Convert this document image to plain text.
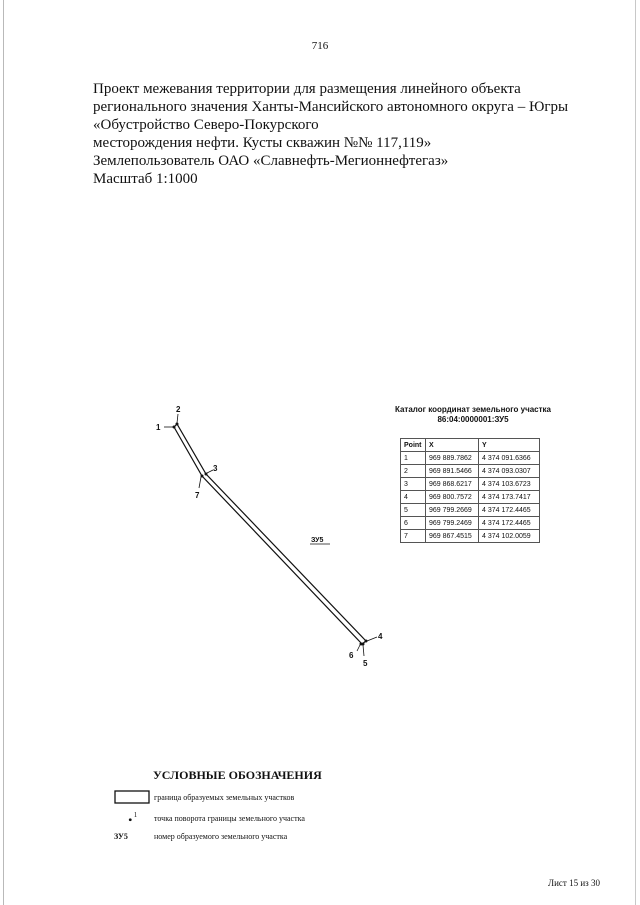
716
Проект межевания территории для размещения линейного объекта
регионального значения Ханты-Мансийского автономного округа – Югры
«Обустройство Северо-Покурского
месторождения нефти. Кусты скважин №№ 117,119»
Землепользователь ОАО «Славнефть-Мегионнефтегаз»
Масштаб 1:1000
1
2
3
4
5
6
7
ЗУ5
Каталог координат земельного участка
86:04:0000001:ЗУ5
Point	X	Y
1	969 889.7862	4 374 091.6366
2	969 891.5466	4 374 093.0307
3	969 868.6217	4 374 103.6723
4	969 800.7572	4 374 173.7417
5	969 799.2669	4 374 172.4465
6	969 799.2469	4 374 172.4465
7	969 867.4515	4 374 102.0059
УСЛОВНЫЕ ОБОЗНАЧЕНИЯ
граница образуемых земельных участков
1 точка поворота границы земельного участка
ЗУ5	номер образуемого земельного участка
Лист 15 из 30
